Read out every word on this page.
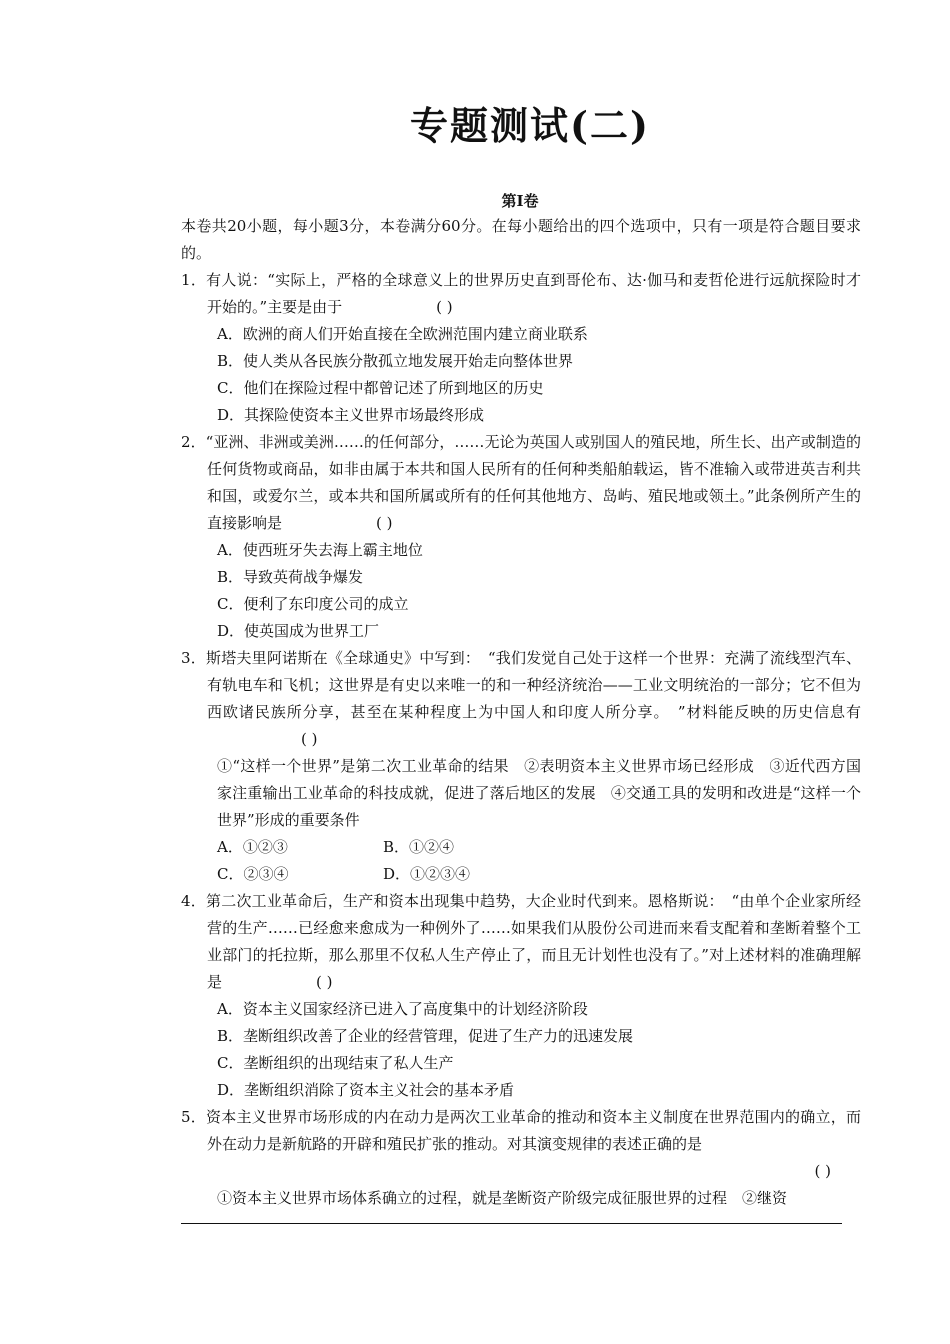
专题测试(二)
第Ⅰ卷

本卷共20小题，每小题3分，本卷满分60分。在每小题给出的四个选项中，只有一项是符合题目要求的。

1．有人说：“实际上，严格的全球意义上的世界历史直到哥伦布、达·伽马和麦哲伦进行远航探险时才开始的。”主要是由于	( )
A．欧洲的商人们开始直接在全欧洲范围内建立商业联系
B．使人类从各民族分散孤立地发展开始走向整体世界
C．他们在探险过程中都曾记述了所到地区的历史
D．其探险使资本主义世界市场最终形成
2．“亚洲、非洲或美洲……的任何部分，……无论为英国人或别国人的殖民地，所生长、出产或制造的任何货物或商品，如非由属于本共和国人民所有的任何种类船舶载运，皆不准输入或带进英吉利共和国，或爱尔兰，或本共和国所属或所有的任何其他地方、岛屿、殖民地或领土。”此条例所产生的直接影响是	( )
A．使西班牙失去海上霸主地位
B．导致英荷战争爆发
C．便利了东印度公司的成立
D．使英国成为世界工厂
3．斯塔夫里阿诺斯在《全球通史》中写到：　“我们发觉自己处于这样一个世界：充满了流线型汽车、有轨电车和飞机；这世界是有史以来唯一的和一种经济统治——工业文明统治的一部分；它不但为西欧诸民族所分享，甚至在某种程度上为中国人和印度人所分享。　”材料能反映的历史信息有( )
①“这样一个世界”是第二次工业革命的结果　②表明资本主义世界市场已经形成　③近代西方国家注重输出工业革命的科技成就，促进了落后地区的发展　④交通工具的发明和改进是“这样一个世界”形成的重要条件
A．①②③	B．①②④
C．②③④	D．①②③④
4．第二次工业革命后，生产和资本出现集中趋势，大企业时代到来。恩格斯说：　“由单个企业家所经营的生产……已经愈来愈成为一种例外了……如果我们从股份公司进而来看支配着和垄断着整个工业部门的托拉斯，那么那里不仅私人生产停止了，而且无计划性也没有了。”对上述材料的准确理解是	( )
A．资本主义国家经济已进入了高度集中的计划经济阶段
B．垄断组织改善了企业的经营管理，促进了生产力的迅速发展
C．垄断组织的出现结束了私人生产
D．垄断组织消除了资本主义社会的基本矛盾
5．资本主义世界市场形成的内在动力是两次工业革命的推动和资本主义制度在世界范围内的确立，而外在动力是新航路的开辟和殖民扩张的推动。对其演变规律的表述正确的是
( )
①资本主义世界市场体系确立的过程，就是垄断资产阶级完成征服世界的过程　②继资
